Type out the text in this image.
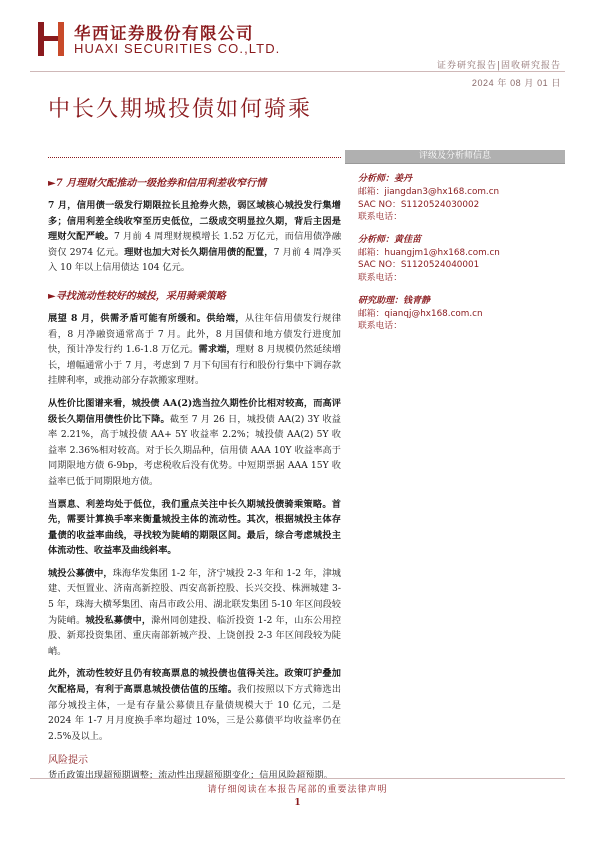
华西证券股份有限公司
HUAXI SECURITIES CO.,LTD.
证券研究报告|固收研究报告
2024 年 08 月 01 日
中长久期城投债如何骑乘
►7 月理财欠配推动一级抢券和信用利差收窄行情

7 月，信用债一级发行期限拉长且抢券火热，弱区域核心城投发行集增多；信用利差全线收窄至历史低位，二级成交明显拉久期，背后主因是理财欠配严峻。7 月前 4 周理财规模增长 1.52 万亿元，而信用债净融资仅 2974 亿元。理财也加大对长久期信用债的配置，7 月前 4 周净买入 10 年以上信用债达 104 亿元。

►寻找流动性较好的城投，采用骑乘策略

展望 8 月，供需矛盾可能有所缓和。供给端，从往年信用债发行规律看，8 月净融资通常高于 7 月。此外，8 月国债和地方债发行进度加快，预计净发行约 1.6-1.8 万亿元。需求端，理财 8 月规模仍然延续增长，增幅通常小于 7 月，考虑到 7 月下旬国有行和股份行集中下调存款挂牌利率，或推动部分存款搬家理财。

从性价比图谱来看，城投债 AA(2)选当拉久期性价比相对较高，而高评级长久期信用债性价比下降。截至 7 月 26 日，城投债 AA(2) 3Y 收益率 2.21%，高于城投债 AA+ 5Y 收益率 2.2%；城投债 AA(2) 5Y 收益率 2.36%相对较高。对于长久期品种，信用债 AAA 10Y 收益率高于同期限地方债 6-9bp，考虑税收后没有优势。中短期票据 AAA 15Y 收益率已低于同期限地方债。

当票息、利差均处于低位，我们重点关注中长久期城投债骑乘策略。首先，需要计算换手率来衡量城投主体的流动性。其次，根据城投主体存量债的收益率曲线，寻找较为陡峭的期限区间。最后，综合考虑城投主体流动性、收益率及曲线斜率。

城投公募债中，珠海华发集团 1-2 年，济宁城投 2-3 年和 1-2 年，津城建、天恒置业、济南高新控股、西安高新控股、长兴交投、株洲城建 3-5 年，珠海大横琴集团、南昌市政公用、湖北联发集团 5-10 年区间段较为陡峭。城投私募债中，滁州同创建投、临沂投资 1-2 年，山东公用控股、新郑投资集团、重庆南部新城产投、上饶创投 2-3 年区间段较为陡峭。

此外，流动性较好且仍有较高票息的城投债也值得关注。政策叮护叠加欠配格局，有利于高票息城投债估值的压缩。我们按照以下方式筛选出部分城投主体，一是有存量公募债且存量债规模大于 10 亿元，二是 2024 年 1-7 月月度换手率均超过 10%，三是公募债平均收益率仍在 2.5%及以上。

风险提示

货币政策出现超预期调整；流动性出现超预期变化；信用风险超预期。

评级及分析师信息
分析师：姜丹
邮箱：jiangdan3@hx168.com.cn
SAC NO：S1120524030002
联系电话：
分析师：黄佳苗
邮箱：huangjm1@hx168.com.cn
SAC NO：S1120524040001
联系电话：
研究助理：钱青静
邮箱：qianqj@hx168.com.cn
联系电话：
请仔细阅读在本报告尾部的重要法律声明
1
